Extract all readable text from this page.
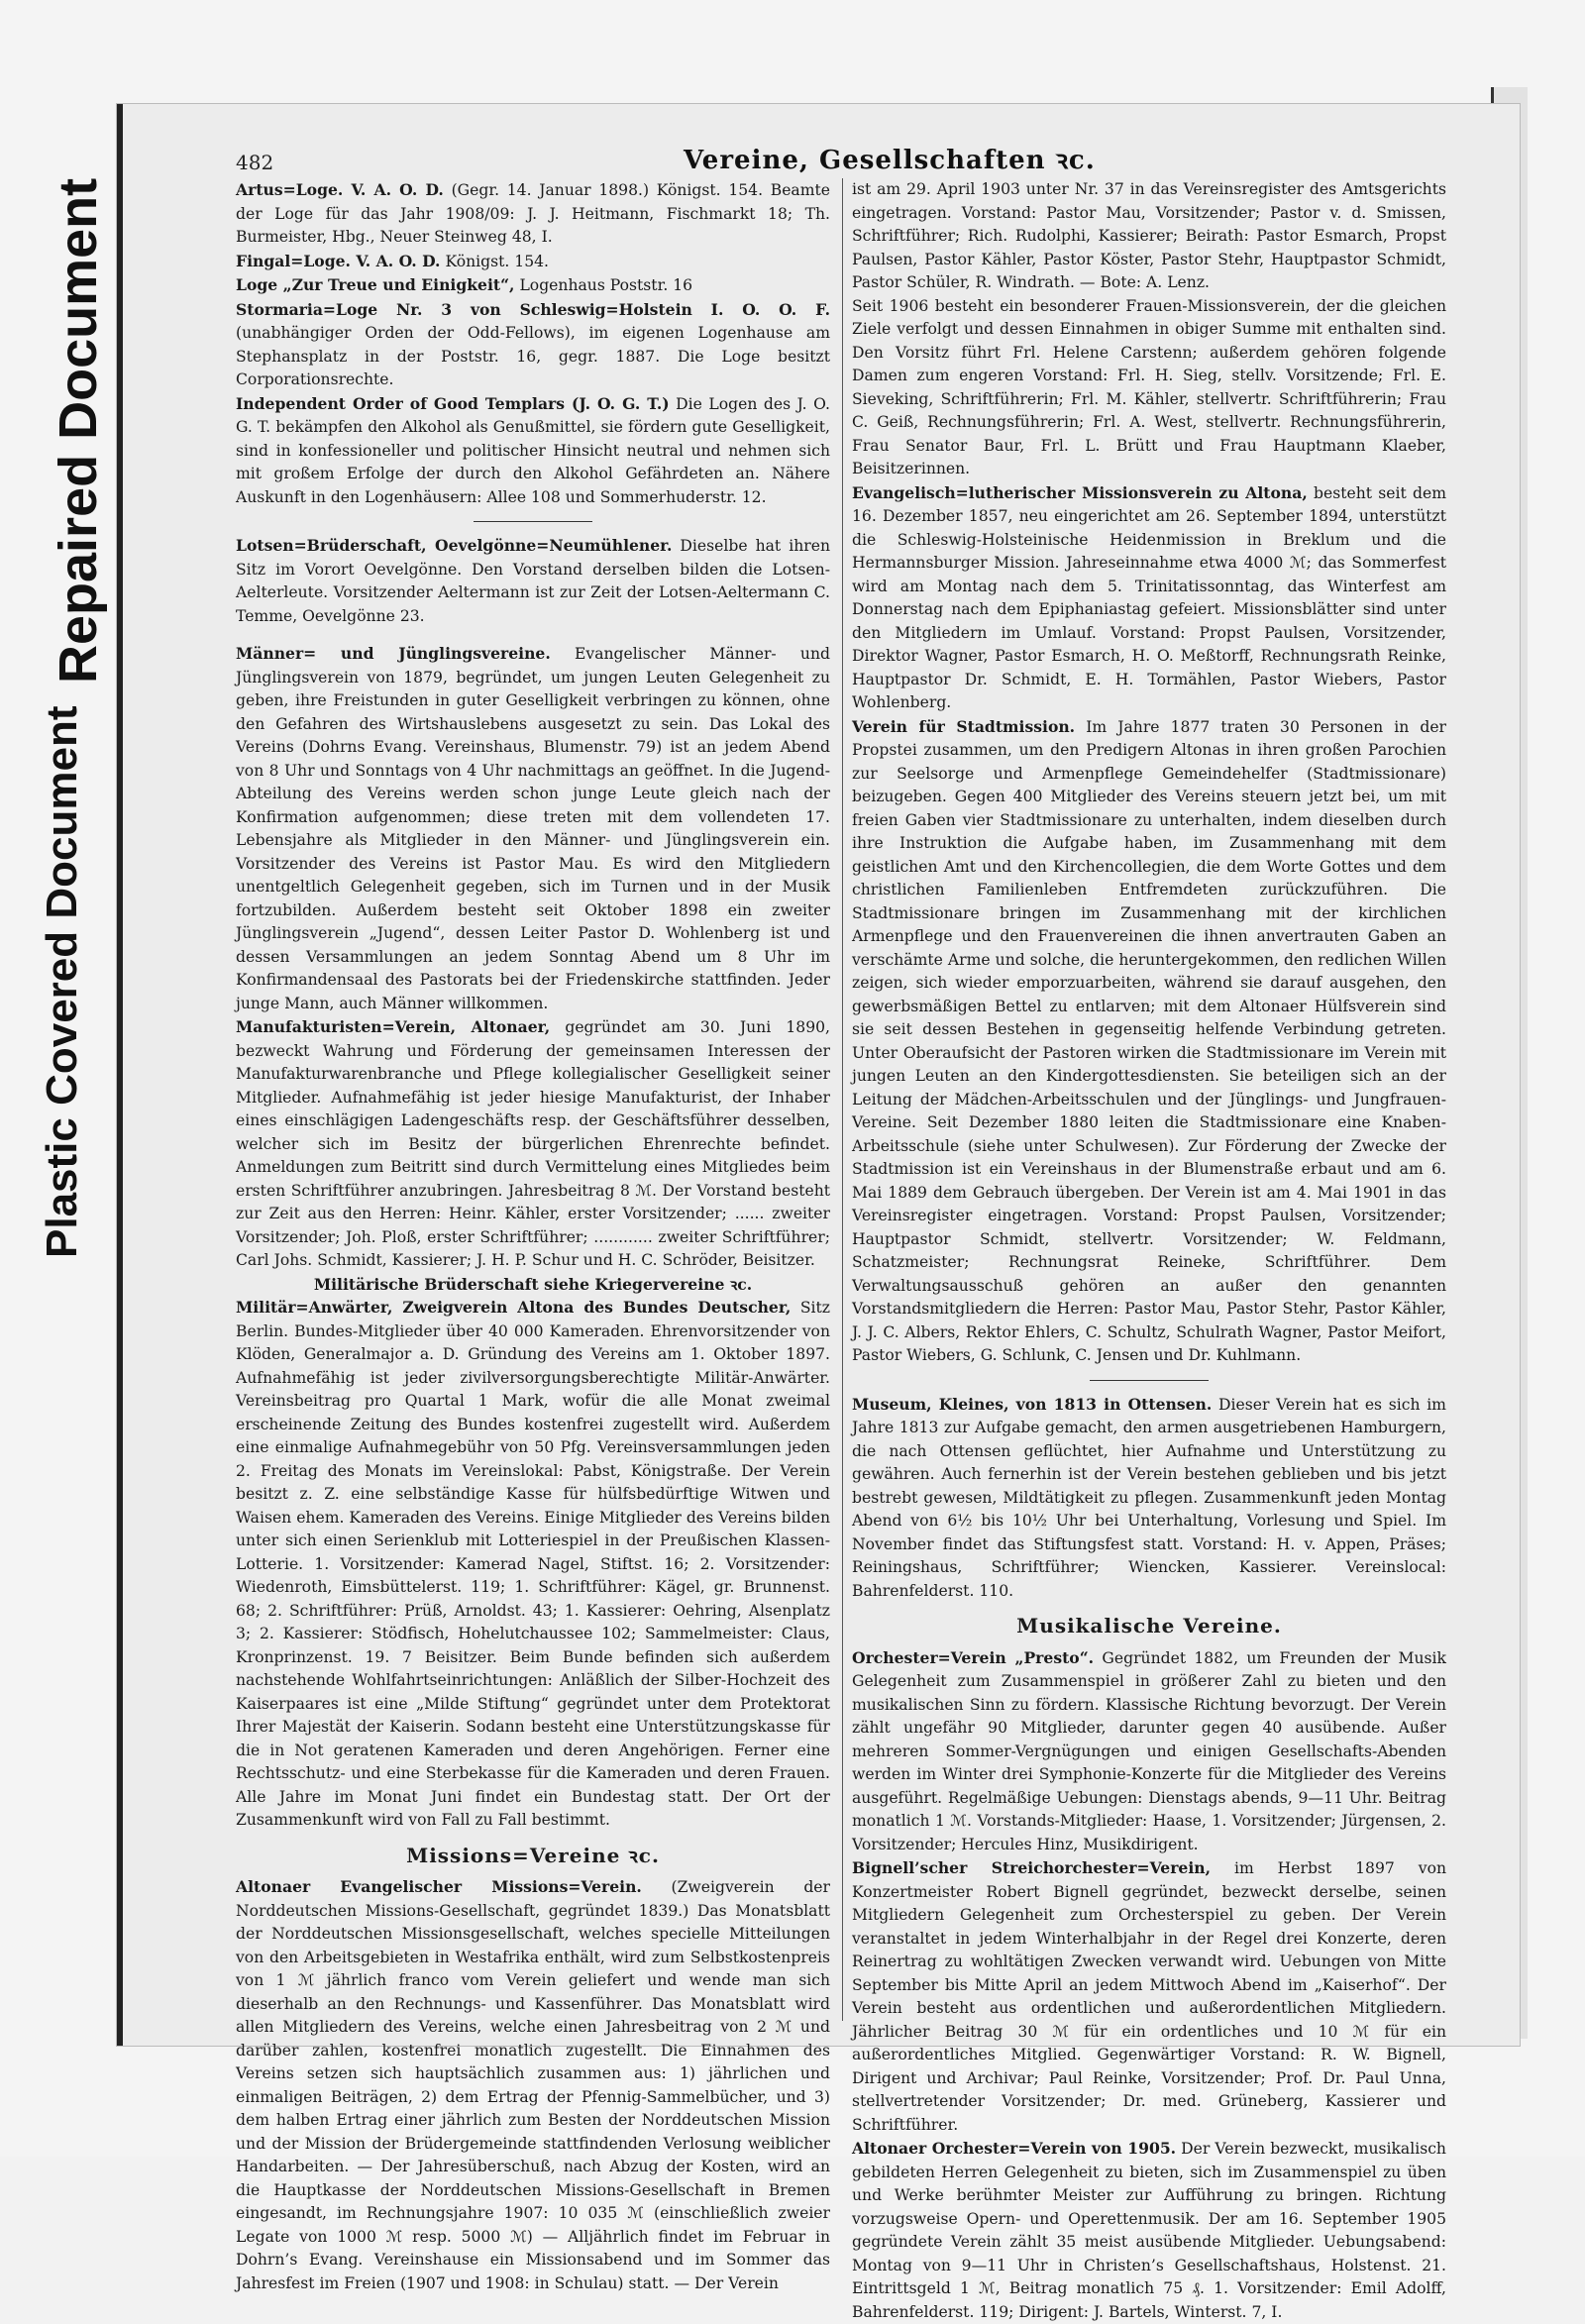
Repaired Document
Plastic Covered Document
482	Vereine, Gesellschaften ꝛc.

Artus=Loge. V. A. O. D. (Gegr. 14. Januar 1898.) Königst. 154. Beamte der Loge für das Jahr 1908/09: J. J. Heitmann, Fischmarkt 18; Th. Burmeister, Hbg., Neuer Steinweg 48, I.

Fingal=Loge. V. A. O. D. Königst. 154.

Loge „Zur Treue und Einigkeit“, Logenhaus Poststr. 16

Stormaria=Loge Nr. 3 von Schleswig=Holstein I. O. O. F. (unabhängiger Orden der Odd-Fellows), im eigenen Logenhause am Stephansplatz in der Poststr. 16, gegr. 1887. Die Loge besitzt Corporationsrechte.

Independent Order of Good Templars (J. O. G. T.) Die Logen des J. O. G. T. bekämpfen den Alkohol als Genußmittel, sie fördern gute Geselligkeit, sind in konfessioneller und politischer Hinsicht neutral und nehmen sich mit großem Erfolge der durch den Alkohol Gefährdeten an. Nähere Auskunft in den Logenhäusern: Allee 108 und Sommerhuderstr. 12.

Lotsen=Brüderschaft, Oevelgönne=Neumühlener. Dieselbe hat ihren Sitz im Vorort Oevelgönne. Den Vorstand derselben bilden die Lotsen-Aelterleute. Vorsitzender Aeltermann ist zur Zeit der Lotsen-Aeltermann C. Temme, Oevelgönne 23.

Männer= und Jünglingsvereine. Evangelischer Männer- und Jünglingsverein von 1879, begründet, um jungen Leuten Gelegenheit zu geben, ihre Freistunden in guter Geselligkeit verbringen zu können, ohne den Gefahren des Wirtshauslebens ausgesetzt zu sein. Das Lokal des Vereins (Dohrns Evang. Vereinshaus, Blumenstr. 79) ist an jedem Abend von 8 Uhr und Sonntags von 4 Uhr nachmittags an geöffnet. In die Jugend-Abteilung des Vereins werden schon junge Leute gleich nach der Konfirmation aufgenommen; diese treten mit dem vollendeten 17. Lebensjahre als Mitglieder in den Männer- und Jünglingsverein ein. Vorsitzender des Vereins ist Pastor Mau. Es wird den Mitgliedern unentgeltlich Gelegenheit gegeben, sich im Turnen und in der Musik fortzubilden. Außerdem besteht seit Oktober 1898 ein zweiter Jünglingsverein „Jugend“, dessen Leiter Pastor D. Wohlenberg ist und dessen Versammlungen an jedem Sonntag Abend um 8 Uhr im Konfirmandensaal des Pastorats bei der Friedenskirche stattfinden. Jeder junge Mann, auch Männer willkommen.

Manufakturisten=Verein, Altonaer, gegründet am 30. Juni 1890, bezweckt Wahrung und Förderung der gemeinsamen Interessen der Manufakturwarenbranche und Pflege kollegialischer Geselligkeit seiner Mitglieder. Aufnahmefähig ist jeder hiesige Manufakturist, der Inhaber eines einschlägigen Ladengeschäfts resp. der Geschäftsführer desselben, welcher sich im Besitz der bürgerlichen Ehrenrechte befindet. Anmeldungen zum Beitritt sind durch Vermittelung eines Mitgliedes beim ersten Schriftführer anzubringen. Jahresbeitrag 8 ℳ. Der Vorstand besteht zur Zeit aus den Herren: Heinr. Kähler, erster Vorsitzender; ...... zweiter Vorsitzender; Joh. Ploß, erster Schriftführer; ............ zweiter Schriftführer; Carl Johs. Schmidt, Kassierer; J. H. P. Schur und H. C. Schröder, Beisitzer.

Militärische Brüderschaft siehe Kriegervereine ꝛc.

Militär=Anwärter, Zweigverein Altona des Bundes Deutscher, Sitz Berlin. Bundes-Mitglieder über 40 000 Kameraden. Ehrenvorsitzender von Klöden, Generalmajor a. D. Gründung des Vereins am 1. Oktober 1897. Aufnahmefähig ist jeder zivilversorgungsberechtigte Militär-Anwärter. Vereinsbeitrag pro Quartal 1 Mark, wofür die alle Monat zweimal erscheinende Zeitung des Bundes kostenfrei zugestellt wird. Außerdem eine einmalige Aufnahmegebühr von 50 Pfg. Vereinsversammlungen jeden 2. Freitag des Monats im Vereinslokal: Pabst, Königstraße. Der Verein besitzt z. Z. eine selbständige Kasse für hülfsbedürftige Witwen und Waisen ehem. Kameraden des Vereins. Einige Mitglieder des Vereins bilden unter sich einen Serienklub mit Lotteriespiel in der Preußischen Klassen-Lotterie. 1. Vorsitzender: Kamerad Nagel, Stiftst. 16; 2. Vorsitzender: Wiedenroth, Eimsbüttelerst. 119; 1. Schriftführer: Kägel, gr. Brunnenst. 68; 2. Schriftführer: Prüß, Arnoldst. 43; 1. Kassierer: Oehring, Alsenplatz 3; 2. Kassierer: Stödfisch, Hohelutchaussee 102; Sammelmeister: Claus, Kronprinzenst. 19. 7 Beisitzer. Beim Bunde befinden sich außerdem nachstehende Wohlfahrtseinrichtungen: Anläßlich der Silber-Hochzeit des Kaiserpaares ist eine „Milde Stiftung“ gegründet unter dem Protektorat Ihrer Majestät der Kaiserin. Sodann besteht eine Unterstützungskasse für die in Not geratenen Kameraden und deren Angehörigen. Ferner eine Rechtsschutz- und eine Sterbekasse für die Kameraden und deren Frauen. Alle Jahre im Monat Juni findet ein Bundestag statt. Der Ort der Zusammenkunft wird von Fall zu Fall bestimmt.

Missions=Vereine ꝛc.

Altonaer Evangelischer Missions=Verein. (Zweigverein der Norddeutschen Missions-Gesellschaft, gegründet 1839.) Das Monatsblatt der Norddeutschen Missionsgesellschaft, welches specielle Mitteilungen von den Arbeitsgebieten in Westafrika enthält, wird zum Selbstkostenpreis von 1 ℳ jährlich franco vom Verein geliefert und wende man sich dieserhalb an den Rechnungs- und Kassenführer. Das Monatsblatt wird allen Mitgliedern des Vereins, welche einen Jahresbeitrag von 2 ℳ und darüber zahlen, kostenfrei monatlich zugestellt. Die Einnahmen des Vereins setzen sich hauptsächlich zusammen aus: 1) jährlichen und einmaligen Beiträgen, 2) dem Ertrag der Pfennig-Sammelbücher, und 3) dem halben Ertrag einer jährlich zum Besten der Norddeutschen Mission und der Mission der Brüdergemeinde stattfindenden Verlosung weiblicher Handarbeiten. — Der Jahresüberschuß, nach Abzug der Kosten, wird an die Hauptkasse der Norddeutschen Missions-Gesellschaft in Bremen eingesandt, im Rechnungsjahre 1907: 10 035 ℳ (einschließlich zweier Legate von 1000 ℳ resp. 5000 ℳ) — Alljährlich findet im Februar in Dohrn’s Evang. Vereinshause ein Missionsabend und im Sommer das Jahresfest im Freien (1907 und 1908: in Schulau) statt. — Der Verein

ist am 29. April 1903 unter Nr. 37 in das Vereinsregister des Amtsgerichts eingetragen. Vorstand: Pastor Mau, Vorsitzender; Pastor v. d. Smissen, Schriftführer; Rich. Rudolphi, Kassierer; Beirath: Pastor Esmarch, Propst Paulsen, Pastor Kähler, Pastor Köster, Pastor Stehr, Hauptpastor Schmidt, Pastor Schüler, R. Windrath. — Bote: A. Lenz.

Seit 1906 besteht ein besonderer Frauen-Missionsverein, der die gleichen Ziele verfolgt und dessen Einnahmen in obiger Summe mit enthalten sind. Den Vorsitz führt Frl. Helene Carstenn; außerdem gehören folgende Damen zum engeren Vorstand: Frl. H. Sieg, stellv. Vorsitzende; Frl. E. Sieveking, Schriftführerin; Frl. M. Kähler, stellvertr. Schriftführerin; Frau C. Geiß, Rechnungsführerin; Frl. A. West, stellvertr. Rechnungsführerin, Frau Senator Baur, Frl. L. Brütt und Frau Hauptmann Klaeber, Beisitzerinnen.

Evangelisch=lutherischer Missionsverein zu Altona, besteht seit dem 16. Dezember 1857, neu eingerichtet am 26. September 1894, unterstützt die Schleswig-Holsteinische Heidenmission in Breklum und die Hermannsburger Mission. Jahreseinnahme etwa 4000 ℳ; das Sommerfest wird am Montag nach dem 5. Trinitatissonntag, das Winterfest am Donnerstag nach dem Epiphaniastag gefeiert. Missionsblätter sind unter den Mitgliedern im Umlauf. Vorstand: Propst Paulsen, Vorsitzender, Direktor Wagner, Pastor Esmarch, H. O. Meßtorff, Rechnungsrath Reinke, Hauptpastor Dr. Schmidt, E. H. Tormählen, Pastor Wiebers, Pastor Wohlenberg.

Verein für Stadtmission. Im Jahre 1877 traten 30 Personen in der Propstei zusammen, um den Predigern Altonas in ihren großen Parochien zur Seelsorge und Armenpflege Gemeindehelfer (Stadtmissionare) beizugeben. Gegen 400 Mitglieder des Vereins steuern jetzt bei, um mit freien Gaben vier Stadtmissionare zu unterhalten, indem dieselben durch ihre Instruktion die Aufgabe haben, im Zusammenhang mit dem geistlichen Amt und den Kirchencollegien, die dem Worte Gottes und dem christlichen Familienleben Entfremdeten zurückzuführen. Die Stadtmissionare bringen im Zusammenhang mit der kirchlichen Armenpflege und den Frauenvereinen die ihnen anvertrauten Gaben an verschämte Arme und solche, die heruntergekommen, den redlichen Willen zeigen, sich wieder emporzuarbeiten, während sie darauf ausgehen, den gewerbsmäßigen Bettel zu entlarven; mit dem Altonaer Hülfsverein sind sie seit dessen Bestehen in gegenseitig helfende Verbindung getreten. Unter Oberaufsicht der Pastoren wirken die Stadtmissionare im Verein mit jungen Leuten an den Kindergottesdiensten. Sie beteiligen sich an der Leitung der Mädchen-Arbeitsschulen und der Jünglings- und Jungfrauen-Vereine. Seit Dezember 1880 leiten die Stadtmissionare eine Knaben-Arbeitsschule (siehe unter Schulwesen). Zur Förderung der Zwecke der Stadtmission ist ein Vereinshaus in der Blumenstraße erbaut und am 6. Mai 1889 dem Gebrauch übergeben. Der Verein ist am 4. Mai 1901 in das Vereinsregister eingetragen. Vorstand: Propst Paulsen, Vorsitzender; Hauptpastor Schmidt, stellvertr. Vorsitzender; W. Feldmann, Schatzmeister; Rechnungsrat Reineke, Schriftführer. Dem Verwaltungsausschuß gehören an außer den genannten Vorstandsmitgliedern die Herren: Pastor Mau, Pastor Stehr, Pastor Kähler, J. J. C. Albers, Rektor Ehlers, C. Schultz, Schulrath Wagner, Pastor Meifort, Pastor Wiebers, G. Schlunk, C. Jensen und Dr. Kuhlmann.

Museum, Kleines, von 1813 in Ottensen. Dieser Verein hat es sich im Jahre 1813 zur Aufgabe gemacht, den armen ausgetriebenen Hamburgern, die nach Ottensen geflüchtet, hier Aufnahme und Unterstützung zu gewähren. Auch fernerhin ist der Verein bestehen geblieben und bis jetzt bestrebt gewesen, Mildtätigkeit zu pflegen. Zusammenkunft jeden Montag Abend von 6½ bis 10½ Uhr bei Unterhaltung, Vorlesung und Spiel. Im November findet das Stiftungsfest statt. Vorstand: H. v. Appen, Präses; Reiningshaus, Schriftführer; Wiencken, Kassierer. Vereinslocal: Bahrenfelderst. 110.

Musikalische Vereine.

Orchester=Verein „Presto“. Gegründet 1882, um Freunden der Musik Gelegenheit zum Zusammenspiel in größerer Zahl zu bieten und den musikalischen Sinn zu fördern. Klassische Richtung bevorzugt. Der Verein zählt ungefähr 90 Mitglieder, darunter gegen 40 ausübende. Außer mehreren Sommer-Vergnügungen und einigen Gesellschafts-Abenden werden im Winter drei Symphonie-Konzerte für die Mitglieder des Vereins ausgeführt. Regelmäßige Uebungen: Dienstags abends, 9—11 Uhr. Beitrag monatlich 1 ℳ. Vorstands-Mitglieder: Haase, 1. Vorsitzender; Jürgensen, 2. Vorsitzender; Hercules Hinz, Musikdirigent.

Bignell’scher Streichorchester=Verein, im Herbst 1897 von Konzertmeister Robert Bignell gegründet, bezweckt derselbe, seinen Mitgliedern Gelegenheit zum Orchesterspiel zu geben. Der Verein veranstaltet in jedem Winterhalbjahr in der Regel drei Konzerte, deren Reinertrag zu wohltätigen Zwecken verwandt wird. Uebungen von Mitte September bis Mitte April an jedem Mittwoch Abend im „Kaiserhof“. Der Verein besteht aus ordentlichen und außerordentlichen Mitgliedern. Jährlicher Beitrag 30 ℳ für ein ordentliches und 10 ℳ für ein außerordentliches Mitglied. Gegenwärtiger Vorstand: R. W. Bignell, Dirigent und Archivar; Paul Reinke, Vorsitzender; Prof. Dr. Paul Unna, stellvertretender Vorsitzender; Dr. med. Grüneberg, Kassierer und Schriftführer.

Altonaer Orchester=Verein von 1905. Der Verein bezweckt, musikalisch gebildeten Herren Gelegenheit zu bieten, sich im Zusammenspiel zu üben und Werke berühmter Meister zur Aufführung zu bringen. Richtung vorzugsweise Opern- und Operettenmusik. Der am 16. September 1905 gegründete Verein zählt 35 meist ausübende Mitglieder. Uebungsabend: Montag von 9—11 Uhr in Christen’s Gesellschaftshaus, Holstenst. 21. Eintrittsgeld 1 ℳ, Beitrag monatlich 75 ₰. 1. Vorsitzender: Emil Adolff, Bahrenfelderst. 119; Dirigent: J. Bartels, Winterst. 7, I.
